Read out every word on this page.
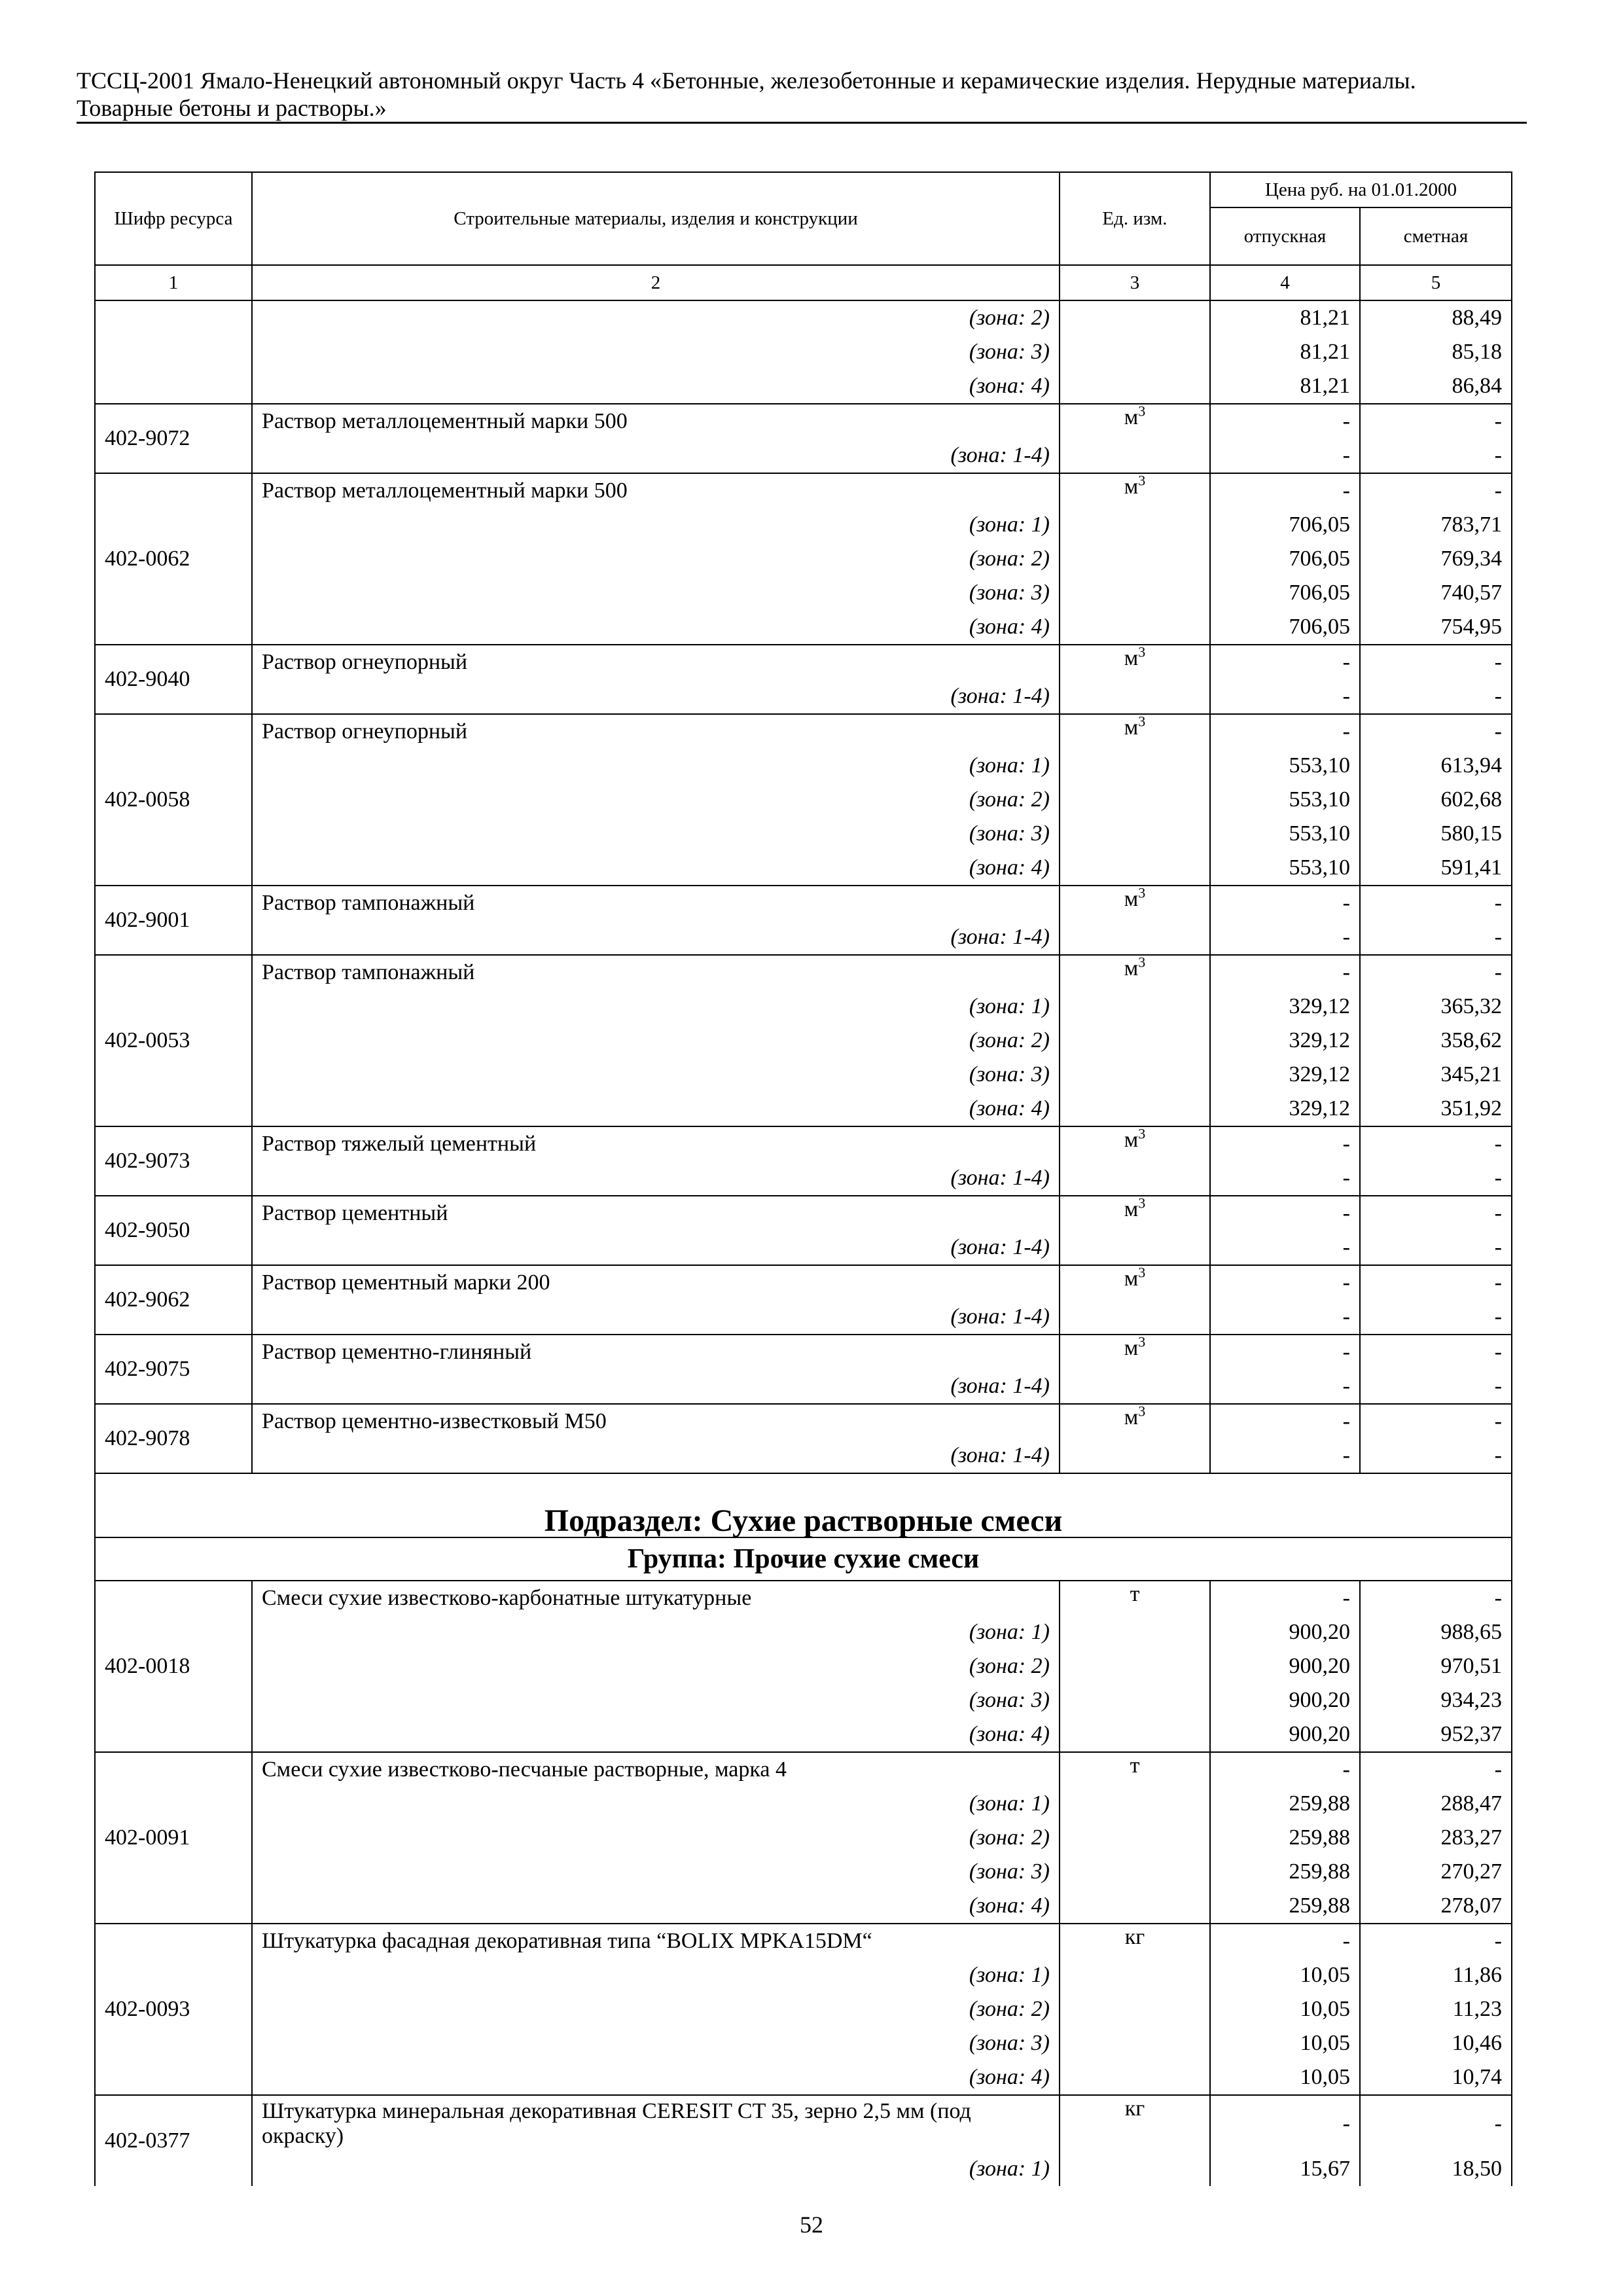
ТССЦ-2001 Ямало-Ненецкий автономный округ Часть 4 «Бетонные, железобетонные и керамические изделия. Нерудные материалы.
Товарные бетоны и растворы.»
Шифр ресурса	Строительные материалы, изделия и конструкции	Ед. изм.	Цена руб. на 01.01.2000	
			отпускная	сметная
1	2	3	4	5
	(зона: 2)		81,21	88,49
	(зона: 3)		81,21	85,18
	(зона: 4)		81,21	86,84
402-9072	Раствор металлоцементный марки 500	$м^3$	-	-
	(зона: 1-4)		-	-
402-0062	Раствор металлоцементный марки 500	$м^3$	-	-
	(зона: 1)		706,05	783,71
	(зона: 2)		706,05	769,34
	(зона: 3)		706,05	740,57
	(зона: 4)		706,05	754,95
402-9040	Раствор огнеупорный	$м^3$	-	-
	(зона: 1-4)		-	-
402-0058	Раствор огнеупорный	$м^3$	-	-
	(зона: 1)		553,10	613,94
	(зона: 2)		553,10	602,68
	(зона: 3)		553,10	580,15
	(зона: 4)		553,10	591,41
402-9001	Раствор тампонажный	$м^3$	-	-
	(зона: 1-4)		-	-
402-0053	Раствор тампонажный	$м^3$	-	-
	(зона: 1)		329,12	365,32
	(зона: 2)		329,12	358,62
	(зона: 3)		329,12	345,21
	(зона: 4)		329,12	351,92
402-9073	Раствор тяжелый цементный	$м^3$	-	-
	(зона: 1-4)		-	-
402-9050	Раствор цементный	$м^3$	-	-
	(зона: 1-4)		-	-
402-9062	Раствор цементный марки 200	$м^3$	-	-
	(зона: 1-4)		-	-
402-9075	Раствор цементно-глиняный	$м^3$	-	-
	(зона: 1-4)		-	-
402-9078	Раствор цементно-известковый М50	$м^3$	-	-
	(зона: 1-4)		-	-
Подраздел: Сухие растворные смеси				
Группа: Прочие сухие смеси				
402-0018	Смеси сухие известково-карбонатные штукатурные	т	-	-
	(зона: 1)		900,20	988,65
	(зона: 2)		900,20	970,51
	(зона: 3)		900,20	934,23
	(зона: 4)		900,20	952,37
402-0091	Смеси сухие известково-песчаные растворные, марка 4	т	-	-
	(зона: 1)		259,88	288,47
	(зона: 2)		259,88	283,27
	(зона: 3)		259,88	270,27
	(зона: 4)		259,88	278,07
402-0093	Штукатурка фасадная декоративная типа “BOLIX MPKA15DM“	кг	-	-
	(зона: 1)		10,05	11,86
	(зона: 2)		10,05	11,23
	(зона: 3)		10,05	10,46
	(зона: 4)		10,05	10,74
402-0377	Штукатурка минеральная декоративная CERESIT CT 35, зерно 2,5 мм (под окраску)	кг	-	-
	(зона: 1)		15,67	18,50
52
